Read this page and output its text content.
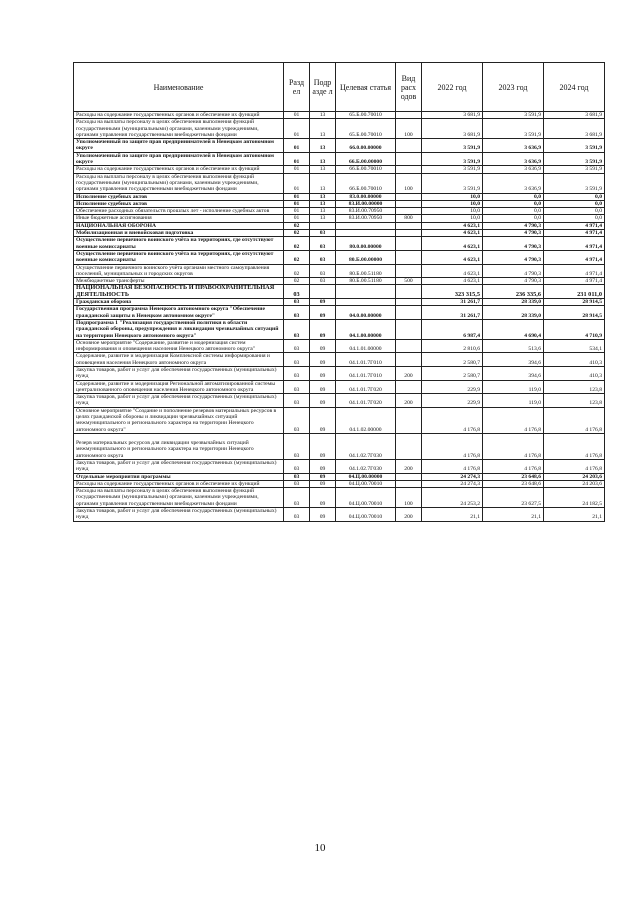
Наименование	Разд ел	Подр азде л	Целевая статья	Вид расх одов	2022 год	2023 год	2024 год
Расходы на содержание государственных органов и обеспечение их функций	01	13	65.Б.00.70010		3 681,9	3 591,9	3 681,9
Расходы на выплаты персоналу в целях обеспечения выполнения функций государственными (муниципальными) органами, казенными учреждениями, органами управления государственными внебюджетными фондами	01	13	65.Б.00.70010	100	3 681,9	3 591,9	3 681,9
Уполномоченный по защите прав предпринимателей в Ненецком автономном округе	01	13	66.0.00.00000		3 591,9	3 636,9	3 591,9
Уполномоченный по защите прав предпринимателей в Ненецком автономном округе	01	13	66.Б.00.00000		3 591,9	3 636,9	3 591,9
Расходы на содержание государственных органов и обеспечение их функций	01	13	66.Б.00.70010		3 591,9	3 636,9	3 591,9
Расходы на выплаты персоналу в целях обеспечения выполнения функций государственными (муниципальными) органами, казенными учреждениями, органами управления государственными внебюджетными фондами	01	13	66.Б.00.70010	100	3 591,9	3 636,9	3 591,9
Исполнение судебных актов	01	13	83.0.00.00000		10,0	0,0	0,0
Исполнение судебных актов	01	13	83.И.00.00000		10,0	0,0	0,0
Обеспечение расходных обязательств прошлых лет - исполнение судебных актов	01	13	83.И.00.70950		10,0	0,0	0,0
Иные бюджетные ассигнования	01	13	83.И.00.70950	800	10,0	0,0	0,0
НАЦИОНАЛЬНАЯ ОБОРОНА	02				4 623,1	4 790,3	4 971,4
Мобилизационная и вневойсковая подготовка	02	03			4 623,1	4 790,3	4 971,4
Осуществление первичного воинского учёта на территориях, где отсутствуют военные комиссариаты	02	03	80.0.00.00000		4 623,1	4 790,3	4 971,4
Осуществление первичного воинского учёта на территориях, где отсутствуют военные комиссариаты	02	03	80.Б.00.00000		4 623,1	4 790,3	4 971,4
Осуществление первичного воинского учёта органами местного самоуправления поселений, муниципальных и городских округов	02	03	80.Б.00.51180		4 623,1	4 790,3	4 971,4
Межбюджетные трансферты	02	03	80.Б.00.51180	500	4 623,1	4 790,3	4 971,4
НАЦИОНАЛЬНАЯ БЕЗОПАСНОСТЬ И ПРАВООХРАНИТЕЛЬНАЯ ДЕЯТЕЛЬНОСТЬ	03				323 315,5	236 335,6	231 011,0
Гражданская оборона	03	09			31 261,7	28 339,0	28 914,5
Государственная программа Ненецкого автономного округа "Обеспечение гражданской защиты в Ненецком автономном округе"	03	09	04.0.00.00000		31 261,7	28 339,0	28 914,5
Подпрограмма 1 "Реализация государственной политики в области гражданской обороны, предупреждения и ликвидации чрезвычайных ситуаций на территории Ненецкого автономного округа"	03	09	04.1.00.00000		6 987,4	4 690,4	4 710,9
Основное мероприятие "Содержание, развитие и модернизация систем информирования и оповещения населения Ненецкого автономного округа"	03	09	04.1.01.00000		2 810,6	513,6	534,1
Содержание, развитие и модернизация Комплексной системы информирования и оповещения населения Ненецкого автономного округа	03	09	04.1.01.7Г010		2 580,7	394,6	410,3
Закупка товаров, работ и услуг для обеспечения государственных (муниципальных) нужд	03	09	04.1.01.7Г010	200	2 580,7	394,6	410,3
Содержание, развитие и модернизация Региональной автоматизированной системы централизованного оповещения населения Ненецкого автономного округа	03	09	04.1.01.7Г020		229,9	119,0	123,8
Закупка товаров, работ и услуг для обеспечения государственных (муниципальных) нужд	03	09	04.1.01.7Г020	200	229,9	119,0	123,8
Основное мероприятие "Создание и пополнение резервов материальных ресурсов в целях гражданской обороны и ликвидации чрезвычайных ситуаций межмуниципального и регионального характера на территории Ненецкого автономного округа"	03	09	04.1.02.00000		4 176,8	4 176,8	4 176,8
Резерв материальных ресурсов для ликвидации чрезвычайных ситуаций межмуниципального и регионального характера на территории Ненецкого автономного округа	03	09	04.1.02.7Г030		4 176,8	4 176,8	4 176,8
Закупка товаров, работ и услуг для обеспечения государственных (муниципальных) нужд	03	09	04.1.02.7Г030	200	4 176,8	4 176,8	4 176,8
Отдельные мероприятия программы	03	09	04.Ц.00.00000		24 274,3	23 648,6	24 203,6
Расходы на содержание государственных органов и обеспечение их функций	03	09	04.Ц.00.70010		24 274,3	23 648,6	24 203,6
Расходы на выплаты персоналу в целях обеспечения выполнения функций государственными (муниципальными) органами, казенными учреждениями, органами управления государственными внебюджетными фондами	03	09	04.Ц.00.70010	100	24 253,2	23 627,5	24 182,5
Закупка товаров, работ и услуг для обеспечения государственных (муниципальных) нужд	03	09	04.Ц.00.70010	200	21,1	21,1	21,1
10
